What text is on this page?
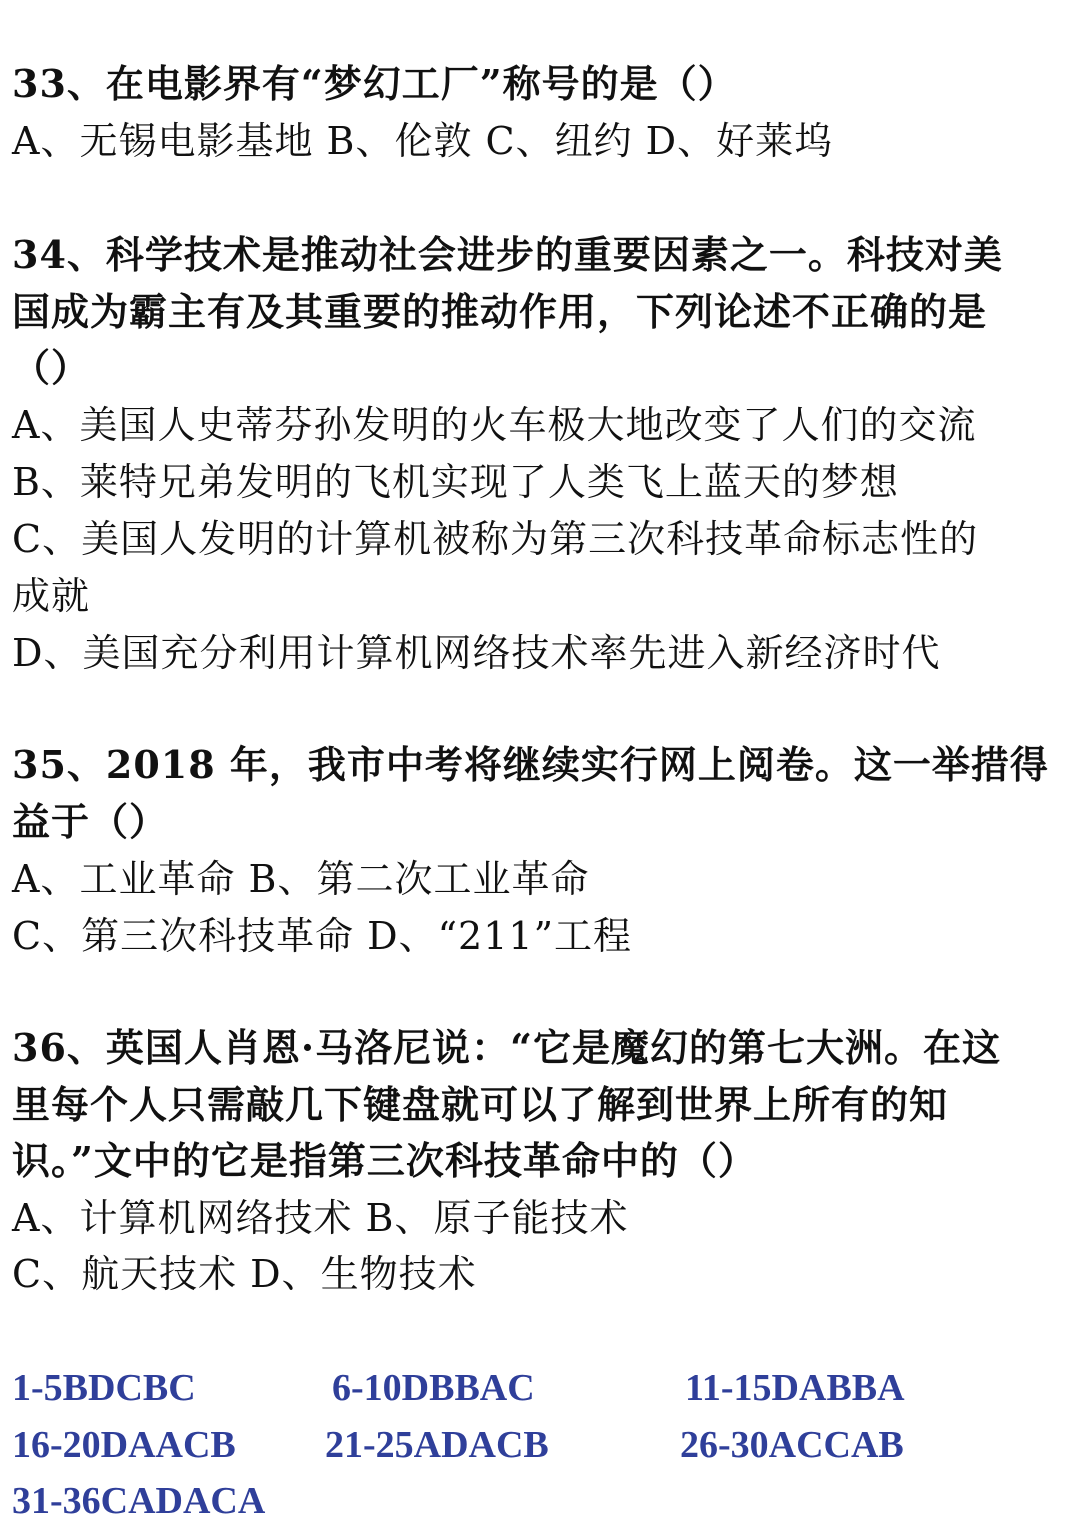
33、在电影界有“梦幻工厂”称号的是（）
A、无锡电影基地 B、伦敦 C、纽约 D、好莱坞
34、科学技术是推动社会进步的重要因素之一。科技对美
国成为霸主有及其重要的推动作用，下列论述不正确的是
（）
A、美国人史蒂芬孙发明的火车极大地改变了人们的交流
B、莱特兄弟发明的飞机实现了人类飞上蓝天的梦想
C、美国人发明的计算机被称为第三次科技革命标志性的
成就
D、美国充分利用计算机网络技术率先进入新经济时代
35、2018 年，我市中考将继续实行网上阅卷。这一举措得
益于（）
A、工业革命 B、第二次工业革命
C、第三次科技革命 D、“211”工程
36、英国人肖恩·马洛尼说：“它是魔幻的第七大洲。在这
里每个人只需敲几下键盘就可以了解到世界上所有的知
识。”文中的它是指第三次科技革命中的（）
A、计算机网络技术 B、原子能技术
C、航天技术 D、生物技术
1-5BDCBC	6-10DBBAC	11-15DABBA
16-20DAACB 21-25ADACB	26-30ACCAB
31-36CADACA
